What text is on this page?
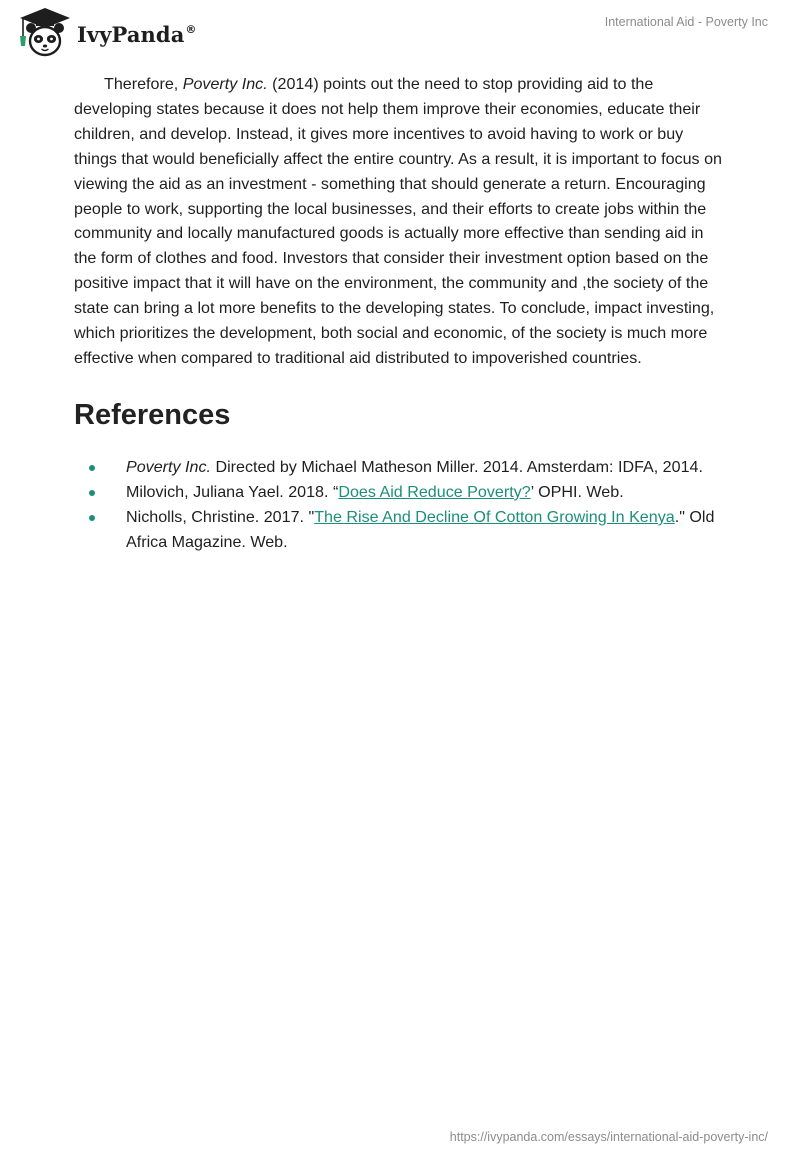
IvyPanda®	International Aid - Poverty Inc

Therefore, Poverty Inc. (2014) points out the need to stop providing aid to the developing states because it does not help them improve their economies, educate their children, and develop. Instead, it gives more incentives to avoid having to work or buy things that would beneficially affect the entire country. As a result, it is important to focus on viewing the aid as an investment - something that should generate a return. Encouraging people to work, supporting the local businesses, and their efforts to create jobs within the community and locally manufactured goods is actually more effective than sending aid in the form of clothes and food. Investors that consider their investment option based on the positive impact that it will have on the environment, the community and ,the society of the state can bring a lot more benefits to the developing states. To conclude, impact investing, which prioritizes the development, both social and economic, of the society is much more effective when compared to traditional aid distributed to impoverished countries.

References
Poverty Inc. Directed by Michael Matheson Miller. 2014. Amsterdam: IDFA, 2014.
Milovich, Juliana Yael. 2018. “Does Aid Reduce Poverty?’ OPHI. Web.
Nicholls, Christine. 2017. "The Rise And Decline Of Cotton Growing In Kenya." Old Africa Magazine. Web.
https://ivypanda.com/essays/international-aid-poverty-inc/
